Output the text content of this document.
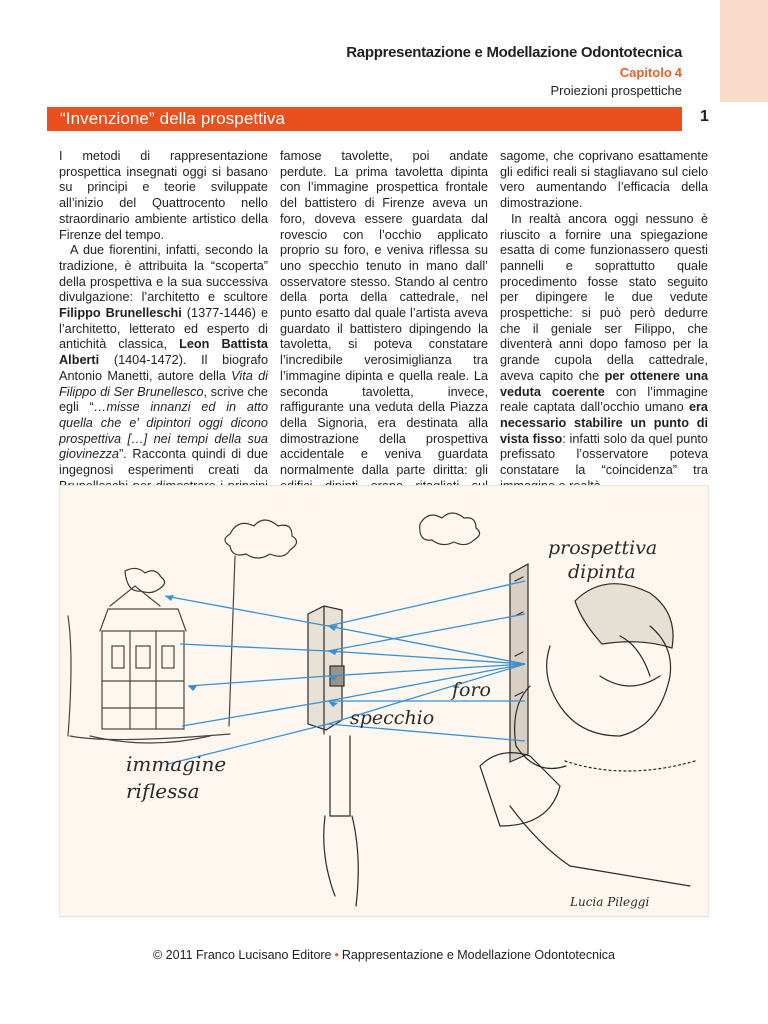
Rappresentazione e Modellazione Odontotecnica
Capitolo 4
Proiezioni prospettiche
“Invenzione” della prospettiva	1

I metodi di rappresentazione prospettica insegnati oggi si basano su principi e teorie sviluppate all’inizio del Quattrocento nello straordinario ambiente artistico della Firenze del tempo.

A due fiorentini, infatti, secondo la tradizione, è attribuita la “scoperta” della prospettiva e la sua successiva divulgazione: l’architetto e scultore Filippo Brunelleschi (1377-1446) e l’architetto, letterato ed esperto di antichità classica, Leon Battista Alberti (1404-1472). Il biografo Antonio Manetti, autore della Vita di Filippo di Ser Brunellesco, scrive che egli “…misse innanzi ed in atto quella che e’ dipintori oggi dicono prospettiva […] nei tempi della sua giovinezza”. Racconta quindi di due ingegnosi esperimenti creati da

famose tavolette, poi andate perdute. La prima tavoletta dipinta con l’immagine prospettica frontale del battistero di Firenze aveva un foro, doveva essere guardata dal rovescio con l’occhio applicato proprio su foro, e veniva riflessa su uno specchio tenuto in mano dall’ osservatore stesso. Stando al centro della porta della cattedrale, nel punto esatto dal quale l’artista aveva guardato il battistero dipingendo la tavoletta, si poteva constatare l’incredibile verosimiglianza tra l’immagine dipinta e quella reale. La seconda tavoletta, invece, raffigurante una veduta della Piazza della Signoria, era destinata alla dimostrazione della prospettiva accidentale e veniva guardata normalmente dalla parte diritta: gli

sagome, che coprivano esattamente gli edifici reali si stagliavano sul cielo vero aumentando l’efficacia della dimostrazione.

In realtà ancora oggi nessuno è riuscito a fornire una spiegazione esatta di come funzionassero questi pannelli e soprattutto quale procedimento fosse stato seguito per dipingere le due vedute prospettiche: si può però dedurre che il geniale ser Filippo, che diventerà anni dopo famoso per la grande cupola della cattedrale, aveva capito che per ottenere una veduta coerente con l’immagine reale captata dall’occhio umano era necessario stabilire un punto di vista fisso: infatti solo da quel punto prefissato l’osservatore poteva constatare la “coincidenza” tra

prospettiva
dipinta
foro
specchio
immagine
riflessa
Lucia Pileggi
© 2011 Franco Lucisano Editore • Rappresentazione e Modellazione Odontotecnica
